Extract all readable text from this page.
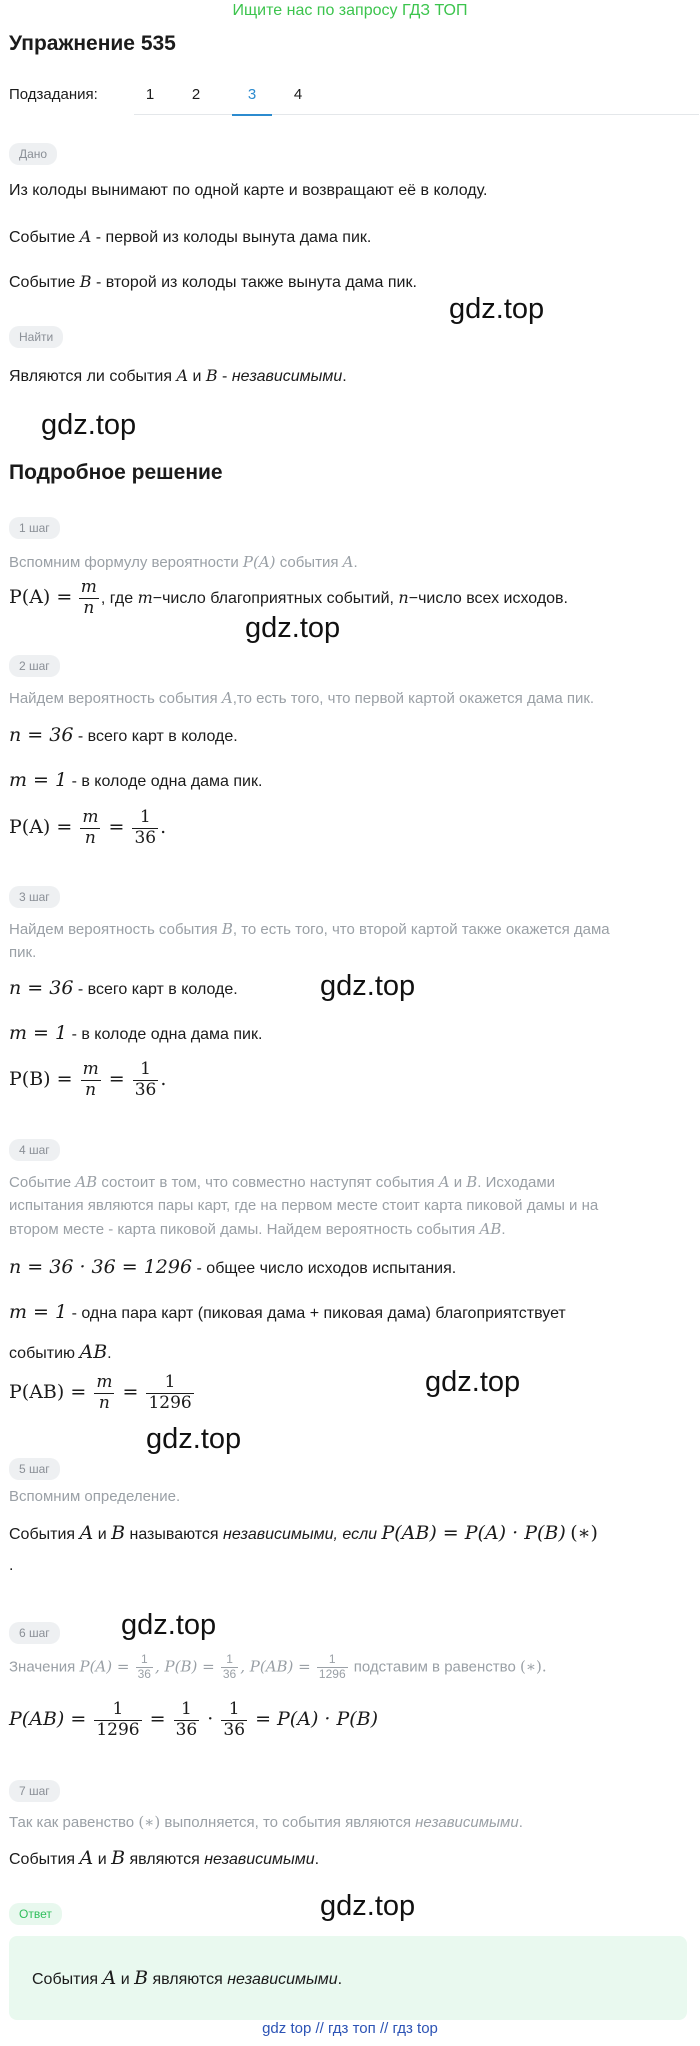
Ищите нас по запросу ГДЗ ТОП
Упражнение 535
Подзадания:	1	2	3	4
Дано
Из колоды вынимают по одной карте и возвращают её в колоду.
Событие A - первой из колоды вынута дама пик.
Событие B - второй из колоды также вынута дама пик.
gdz.top
Найти
Являются ли события A и B - независимыми.
gdz.top
Подробное решение
1 шаг
Вспомним формулу вероятности P(A) события A.
$P(A) = \frac{m}{n}$ , где m−число благоприятных событий, n−число всех исходов.
gdz.top
2 шаг
Найдем вероятность события A,то есть того, что первой картой окажется дама пик.
n = 36 - всего карт в колоде.
m = 1 - в колоде одна дама пик.
$P(A) = \frac{m}{n} = \frac{1}{36}$ .
3 шаг
Найдем вероятность события B, то есть того, что второй картой также окажется дама
пик.
n = 36 - всего карт в колоде.	gdz.top
m = 1 - в колоде одна дама пик.
$P(B) = \frac{m}{n} = \frac{1}{36}$ .
4 шаг
Событие AB состоит в том, что совместно наступят события A и B. Исходами
испытания являются пары карт, где на первом месте стоит карта пиковой дамы и на
втором месте - карта пиковой дамы. Найдем вероятность события AB.
n = 36 · 36 = 1296 - общее число исходов испытания.
m = 1 - одна пара карт (пиковая дама + пиковая дама) благоприятствует
событию AB.
$P(AB) = \frac{m}{n} = \frac{1}{1296}$	gdz.top
gdz.top
5 шаг
Вспомним определение.
События A и B называются независимыми, если P(AB) = P(A) · P(B) (∗)
.
6 шаг	gdz.top
Значения $P(A) = \frac{1}{36}$ , $P(B) = \frac{1}{36}$ , $P(AB) = \frac{1}{1296}$ подставим в равенство (∗).
$P(AB) = \frac{1}{1296} = \frac{1}{36} \cdot \frac{1}{36} = P(A) \cdot P(B)$
7 шаг
Так как равенство (∗) выполняется, то события являются независимыми.
События A и B являются независимыми.
Ответ	gdz.top
События A и B являются независимыми.
gdz top // гдз топ // гдз top
